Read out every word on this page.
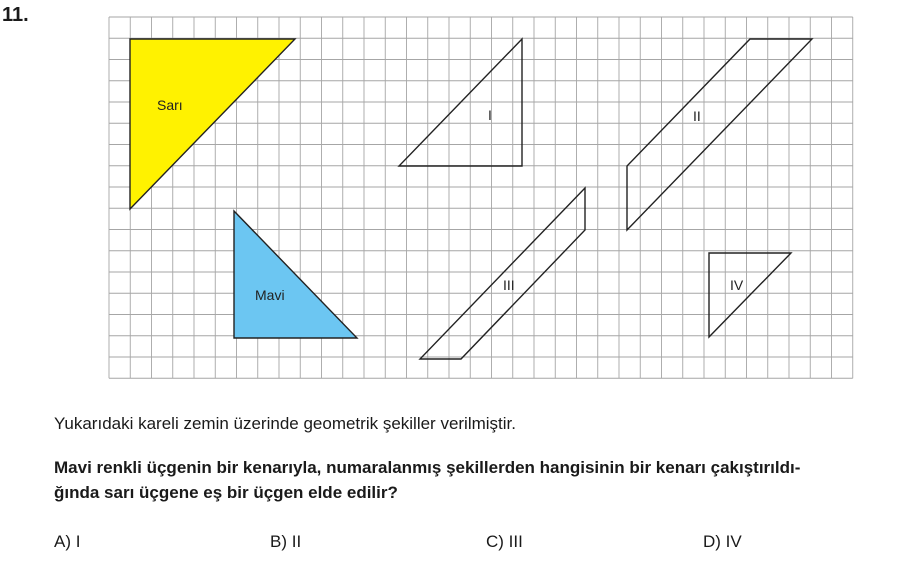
11.
Sarı
Mavi
I	II
III	IV
Yukarıdaki kareli zemin üzerinde geometrik şekiller verilmiştir.
Mavi renkli üçgenin bir kenarıyla, numaralanmış şekillerden hangisinin bir kenarı çakıştırıldı-
ğında sarı üçgene eş bir üçgen elde edilir?
A) I	B) II	C) III	D) IV
